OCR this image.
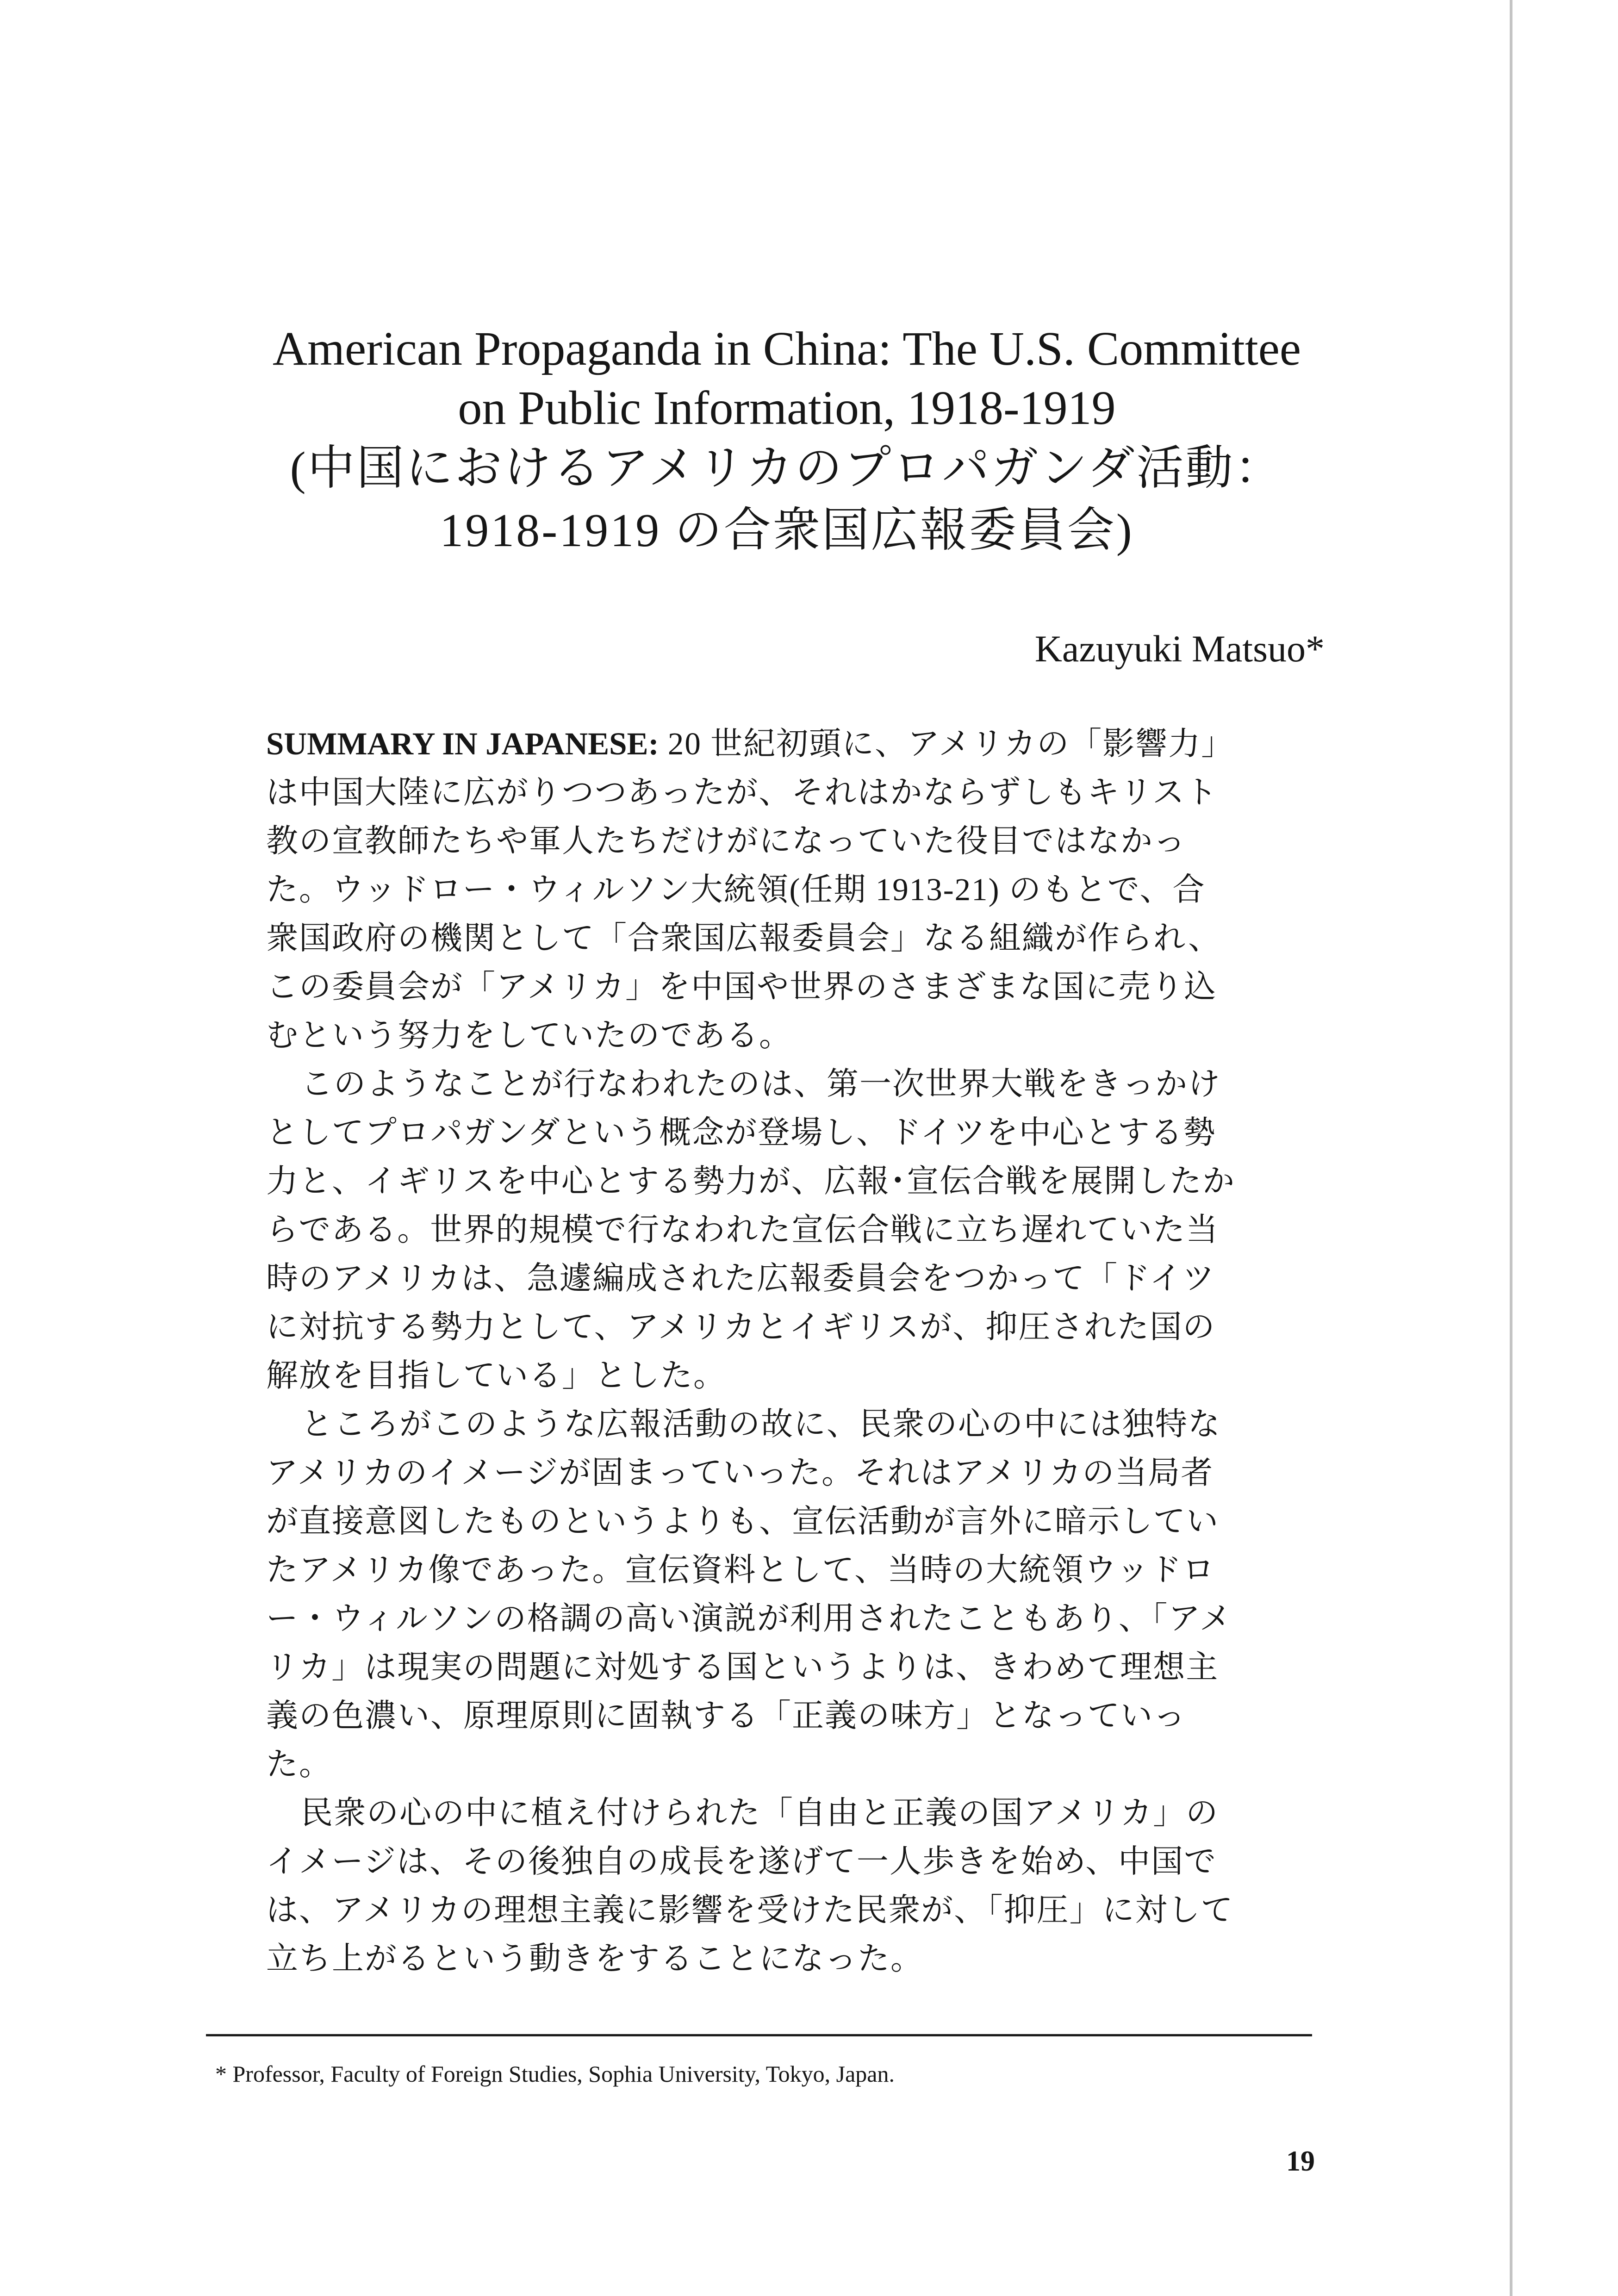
American Propaganda in China: The U.S. Committee
on Public Information, 1918-1919
(中国におけるアメリカのプロパガンダ活動：
1918-1919 の合衆国広報委員会)
Kazuyuki Matsuo*

SUMMARY IN JAPANESE: 20 世紀初頭に、アメリカの「影響力」は中国大陸に広がりつつあったが、それはかならずしもキリスト教の宣教師たちや軍人たちだけがになっていた役目ではなかった。ウッドロー・ウィルソン大統領(任期 1913-21) のもとで、合衆国政府の機関として「合衆国広報委員会」なる組織が作られ、この委員会が「アメリカ」を中国や世界のさまざまな国に売り込むという努力をしていたのである。

このようなことが行なわれたのは、第一次世界大戦をきっかけとしてプロパガンダという概念が登場し、ドイツを中心とする勢力と、イギリスを中心とする勢力が、広報･宣伝合戦を展開したからである。世界的規模で行なわれた宣伝合戦に立ち遅れていた当時のアメリカは、急遽編成された広報委員会をつかって「ドイツに対抗する勢力として、アメリカとイギリスが、抑圧された国の解放を目指している」とした。

ところがこのような広報活動の故に、民衆の心の中には独特なアメリカのイメージが固まっていった。それはアメリカの当局者が直接意図したものというよりも、宣伝活動が言外に暗示していたアメリカ像であった。宣伝資料として、当時の大統領ウッドロー・ウィルソンの格調の高い演説が利用されたこともあり、「アメリカ」は現実の問題に対処する国というよりは、きわめて理想主義の色濃い、原理原則に固執する「正義の味方」となっていった。

民衆の心の中に植え付けられた「自由と正義の国アメリカ」のイメージは、その後独自の成長を遂げて一人歩きを始め、中国では、アメリカの理想主義に影響を受けた民衆が、「抑圧」に対して立ち上がるという動きをすることになった。

* Professor, Faculty of Foreign Studies, Sophia University, Tokyo, Japan.
19
